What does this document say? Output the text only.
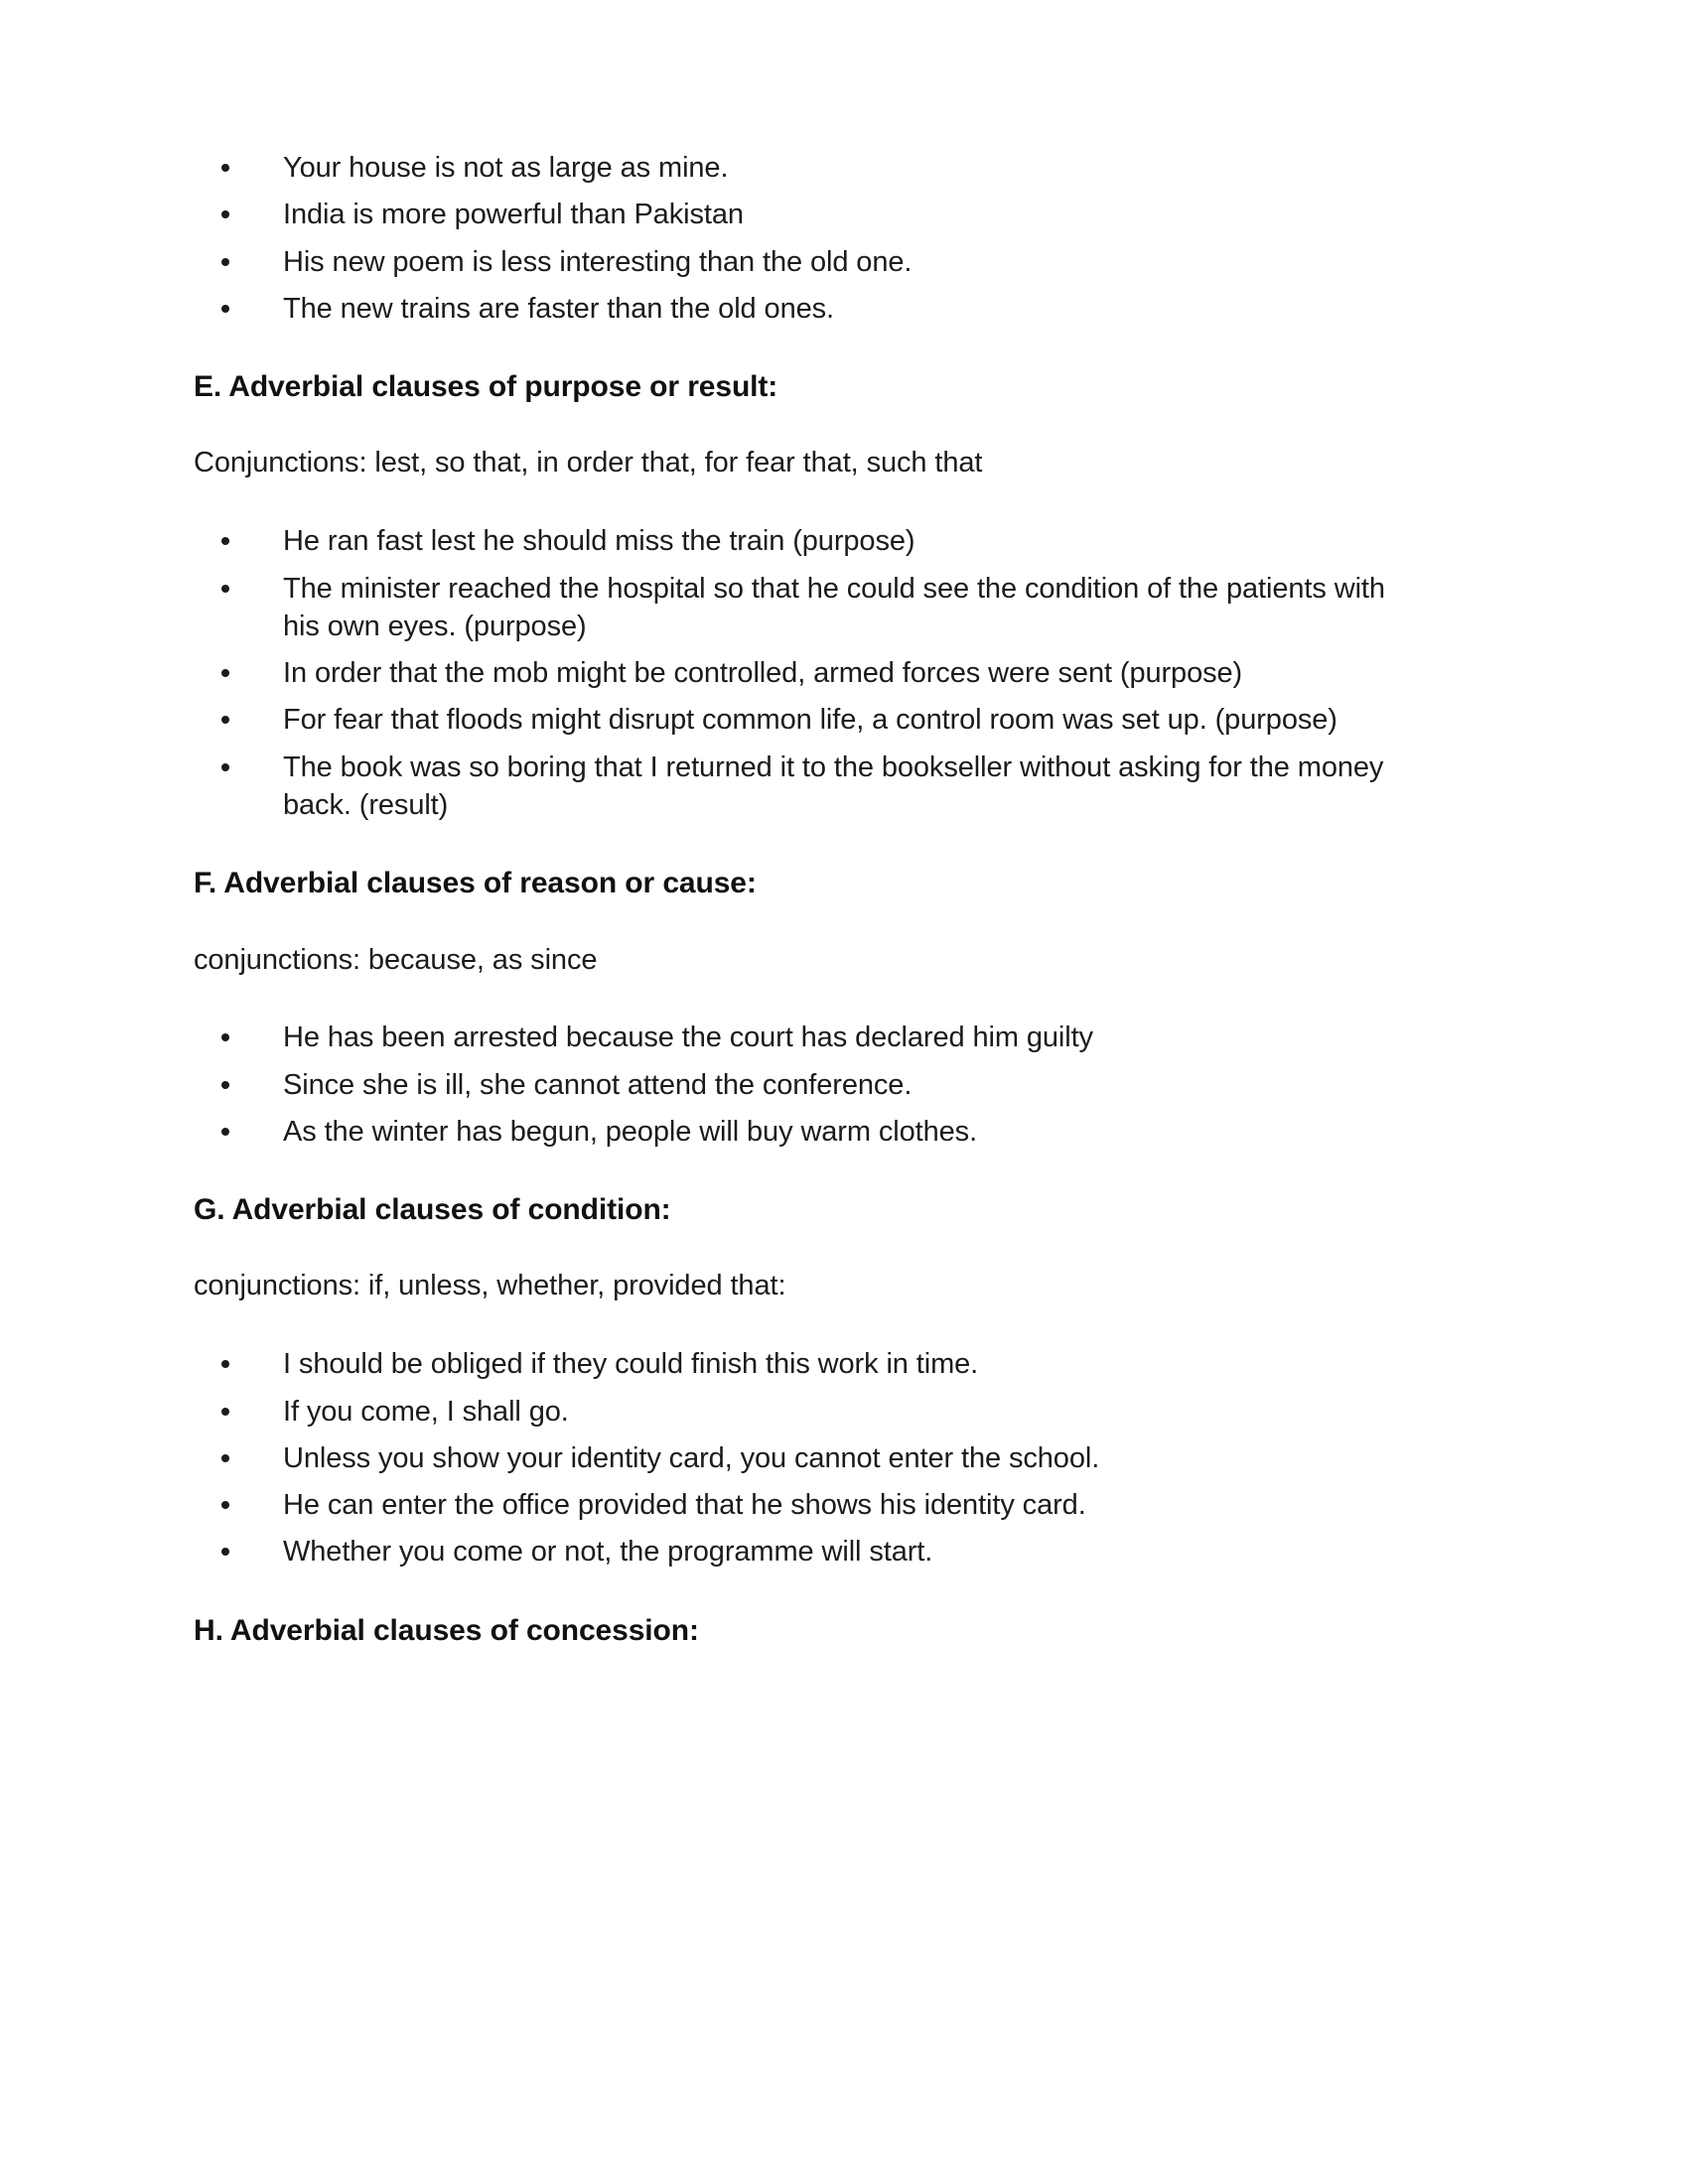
Your house is not as large as mine.
India is more powerful than Pakistan
His new poem is less interesting than the old one.
The new trains are faster than the old ones.
E. Adverbial clauses of purpose or result:

Conjunctions: lest, so that, in order that, for fear that, such that

He ran fast lest he should miss the train (purpose)
The minister reached the hospital so that he could see the condition of the patients with his own eyes. (purpose)
In order that the mob might be controlled, armed forces were sent (purpose)
For fear that floods might disrupt common life, a control room was set up. (purpose)
The book was so boring that I returned it to the bookseller without asking for the money back. (result)
F. Adverbial clauses of reason or cause:

conjunctions: because, as since

He has been arrested because the court has declared him guilty
Since she is ill, she cannot attend the conference.
As the winter has begun, people will buy warm clothes.
G. Adverbial clauses of condition:

conjunctions: if, unless, whether, provided that:

I should be obliged if they could finish this work in time.
If you come, I shall go.
Unless you show your identity card, you cannot enter the school.
He can enter the office provided that he shows his identity card.
Whether you come or not, the programme will start.
H. Adverbial clauses of concession:
